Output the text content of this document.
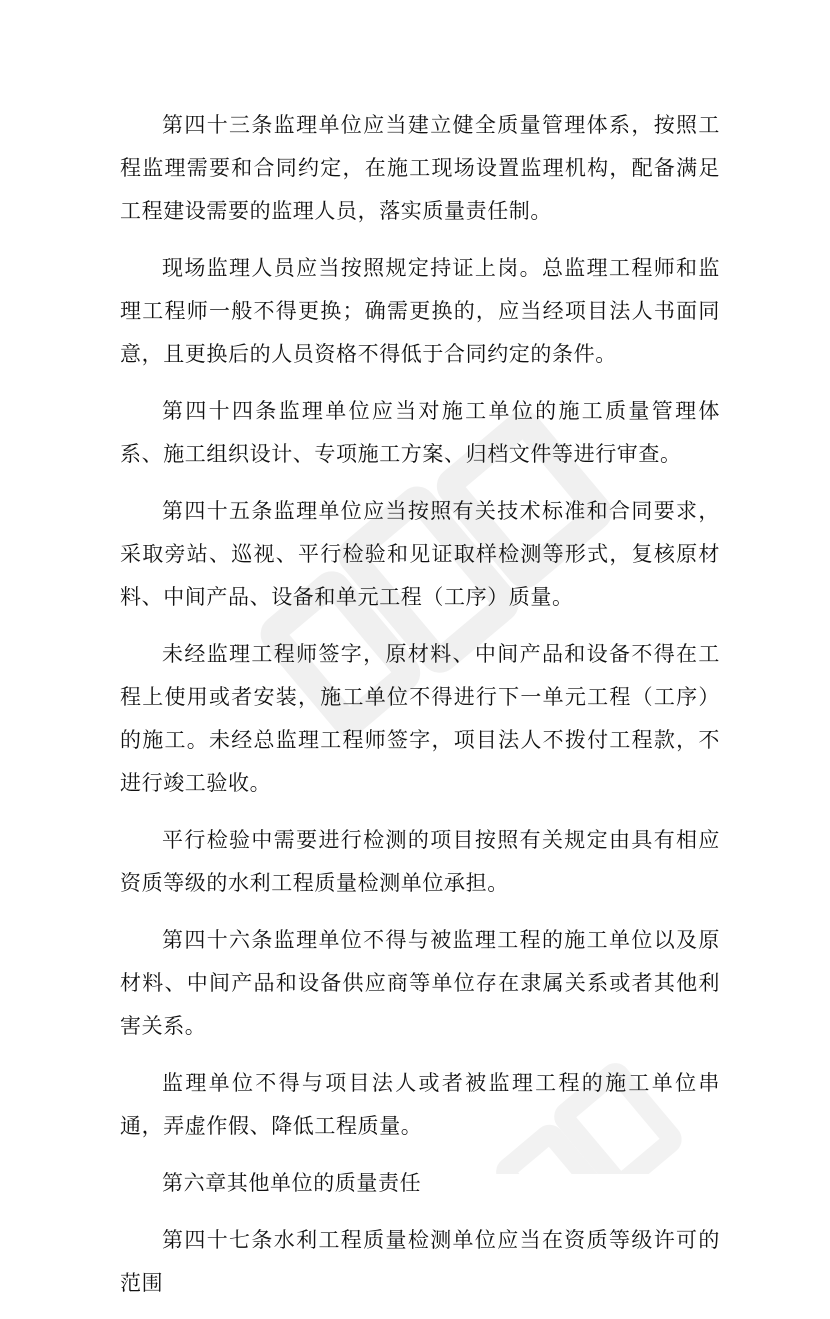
第四十三条监理单位应当建立健全质量管理体系，按照工程监理需要和合同约定，在施工现场设置监理机构，配备满足工程建设需要的监理人员，落实质量责任制。

现场监理人员应当按照规定持证上岗。总监理工程师和监理工程师一般不得更换；确需更换的，应当经项目法人书面同意，且更换后的人员资格不得低于合同约定的条件。

第四十四条监理单位应当对施工单位的施工质量管理体系、施工组织设计、专项施工方案、归档文件等进行审查。

第四十五条监理单位应当按照有关技术标准和合同要求，采取旁站、巡视、平行检验和见证取样检测等形式，复核原材料、中间产品、设备和单元工程（工序）质量。

未经监理工程师签字，原材料、中间产品和设备不得在工程上使用或者安装，施工单位不得进行下一单元工程（工序）的施工。未经总监理工程师签字，项目法人不拨付工程款，不进行竣工验收。

平行检验中需要进行检测的项目按照有关规定由具有相应资质等级的水利工程质量检测单位承担。

第四十六条监理单位不得与被监理工程的施工单位以及原材料、中间产品和设备供应商等单位存在隶属关系或者其他利害关系。

监理单位不得与项目法人或者被监理工程的施工单位串通，弄虚作假、降低工程质量。

第六章其他单位的质量责任

第四十七条水利工程质量检测单位应当在资质等级许可的范围
